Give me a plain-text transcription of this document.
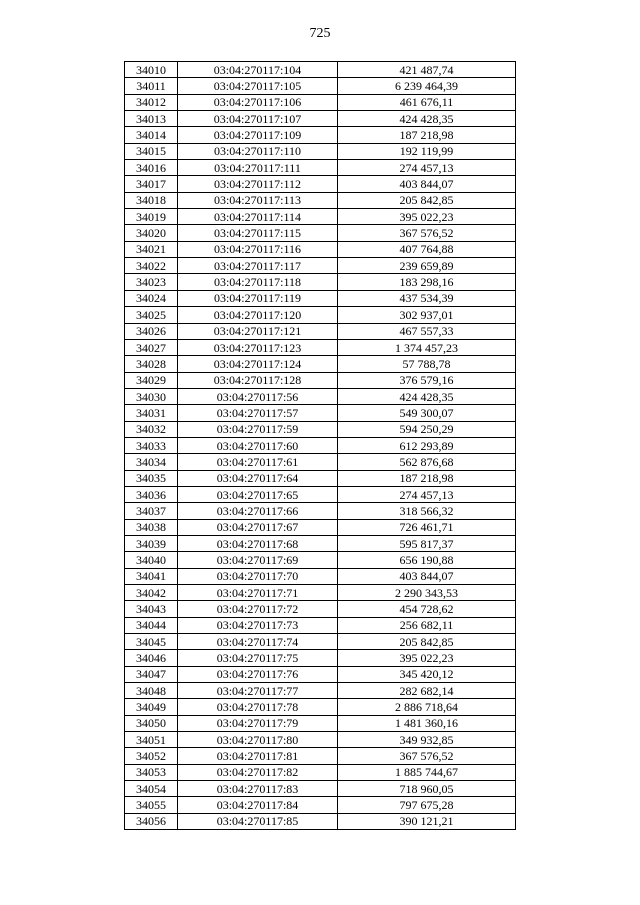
725
34010	03:04:270117:104	421 487,74
34011	03:04:270117:105	6 239 464,39
34012	03:04:270117:106	461 676,11
34013	03:04:270117:107	424 428,35
34014	03:04:270117:109	187 218,98
34015	03:04:270117:110	192 119,99
34016	03:04:270117:111	274 457,13
34017	03:04:270117:112	403 844,07
34018	03:04:270117:113	205 842,85
34019	03:04:270117:114	395 022,23
34020	03:04:270117:115	367 576,52
34021	03:04:270117:116	407 764,88
34022	03:04:270117:117	239 659,89
34023	03:04:270117:118	183 298,16
34024	03:04:270117:119	437 534,39
34025	03:04:270117:120	302 937,01
34026	03:04:270117:121	467 557,33
34027	03:04:270117:123	1 374 457,23
34028	03:04:270117:124	57 788,78
34029	03:04:270117:128	376 579,16
34030	03:04:270117:56	424 428,35
34031	03:04:270117:57	549 300,07
34032	03:04:270117:59	594 250,29
34033	03:04:270117:60	612 293,89
34034	03:04:270117:61	562 876,68
34035	03:04:270117:64	187 218,98
34036	03:04:270117:65	274 457,13
34037	03:04:270117:66	318 566,32
34038	03:04:270117:67	726 461,71
34039	03:04:270117:68	595 817,37
34040	03:04:270117:69	656 190,88
34041	03:04:270117:70	403 844,07
34042	03:04:270117:71	2 290 343,53
34043	03:04:270117:72	454 728,62
34044	03:04:270117:73	256 682,11
34045	03:04:270117:74	205 842,85
34046	03:04:270117:75	395 022,23
34047	03:04:270117:76	345 420,12
34048	03:04:270117:77	282 682,14
34049	03:04:270117:78	2 886 718,64
34050	03:04:270117:79	1 481 360,16
34051	03:04:270117:80	349 932,85
34052	03:04:270117:81	367 576,52
34053	03:04:270117:82	1 885 744,67
34054	03:04:270117:83	718 960,05
34055	03:04:270117:84	797 675,28
34056	03:04:270117:85	390 121,21
